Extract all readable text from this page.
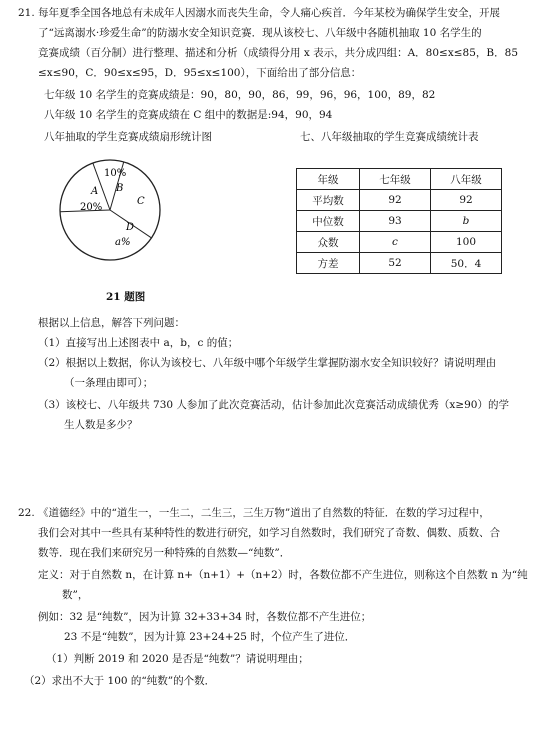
21. 每年夏季全国各地总有未成年人因溺水而丧失生命，令人痛心疾首．今年某校为确保学生安全，开展
了“远离溺水·珍爱生命”的防溺水安全知识竞赛．现从该校七、八年级中各随机抽取 10 名学生的
竞赛成绩（百分制）进行整理、描述和分析（成绩得分用 x 表示，共分成四组：A．80≤x≤85，B．85
≤x≤90，C．90≤x≤95，D．95≤x≤100），下面给出了部分信息：
七年级 10 名学生的竞赛成绩是：90，80，90，86，99，96，96，100，89，82
八年级 10 名学生的竞赛成绩在 C 组中的数据是:94，90，94
八年抽取的学生竞赛成绩扇形统计图	七、八年级抽取的学生竞赛成绩统计表
A
20%
10%
B
C
D
a%
21 题图
年级	七年级	八年级
平均数	92	92
中位数	93	b
众数	c	100
方差	52	50．4
根据以上信息，解答下列问题：
（1）直接写出上述图表中 a，b，c 的值；
（2）根据以上数据，你认为该校七、八年级中哪个年级学生掌握防溺水安全知识较好？请说明理由
（一条理由即可）；
（3）该校七、八年级共 730 人参加了此次竞赛活动，估计参加此次竞赛活动成绩优秀（x≥90）的学
生人数是多少？
22. 《道德经》中的“道生一，一生二，二生三，三生万物”道出了自然数的特征．在数的学习过程中，
我们会对其中一些具有某种特性的数进行研究，如学习自然数时，我们研究了奇数、偶数、质数、合
数等．现在我们来研究另一种特殊的自然数—“纯数”．
定义：对于自然数 n，在计算 n+（n+1）+（n+2）时，各数位都不产生进位，则称这个自然数 n 为“纯
数”，
例如：32 是“纯数”，因为计算 32+33+34 时，各数位都不产生进位；
23 不是“纯数”，因为计算 23+24+25 时，个位产生了进位．
（1）判断 2019 和 2020 是否是“纯数”？请说明理由；
（2）求出不大于 100 的“纯数”的个数．
